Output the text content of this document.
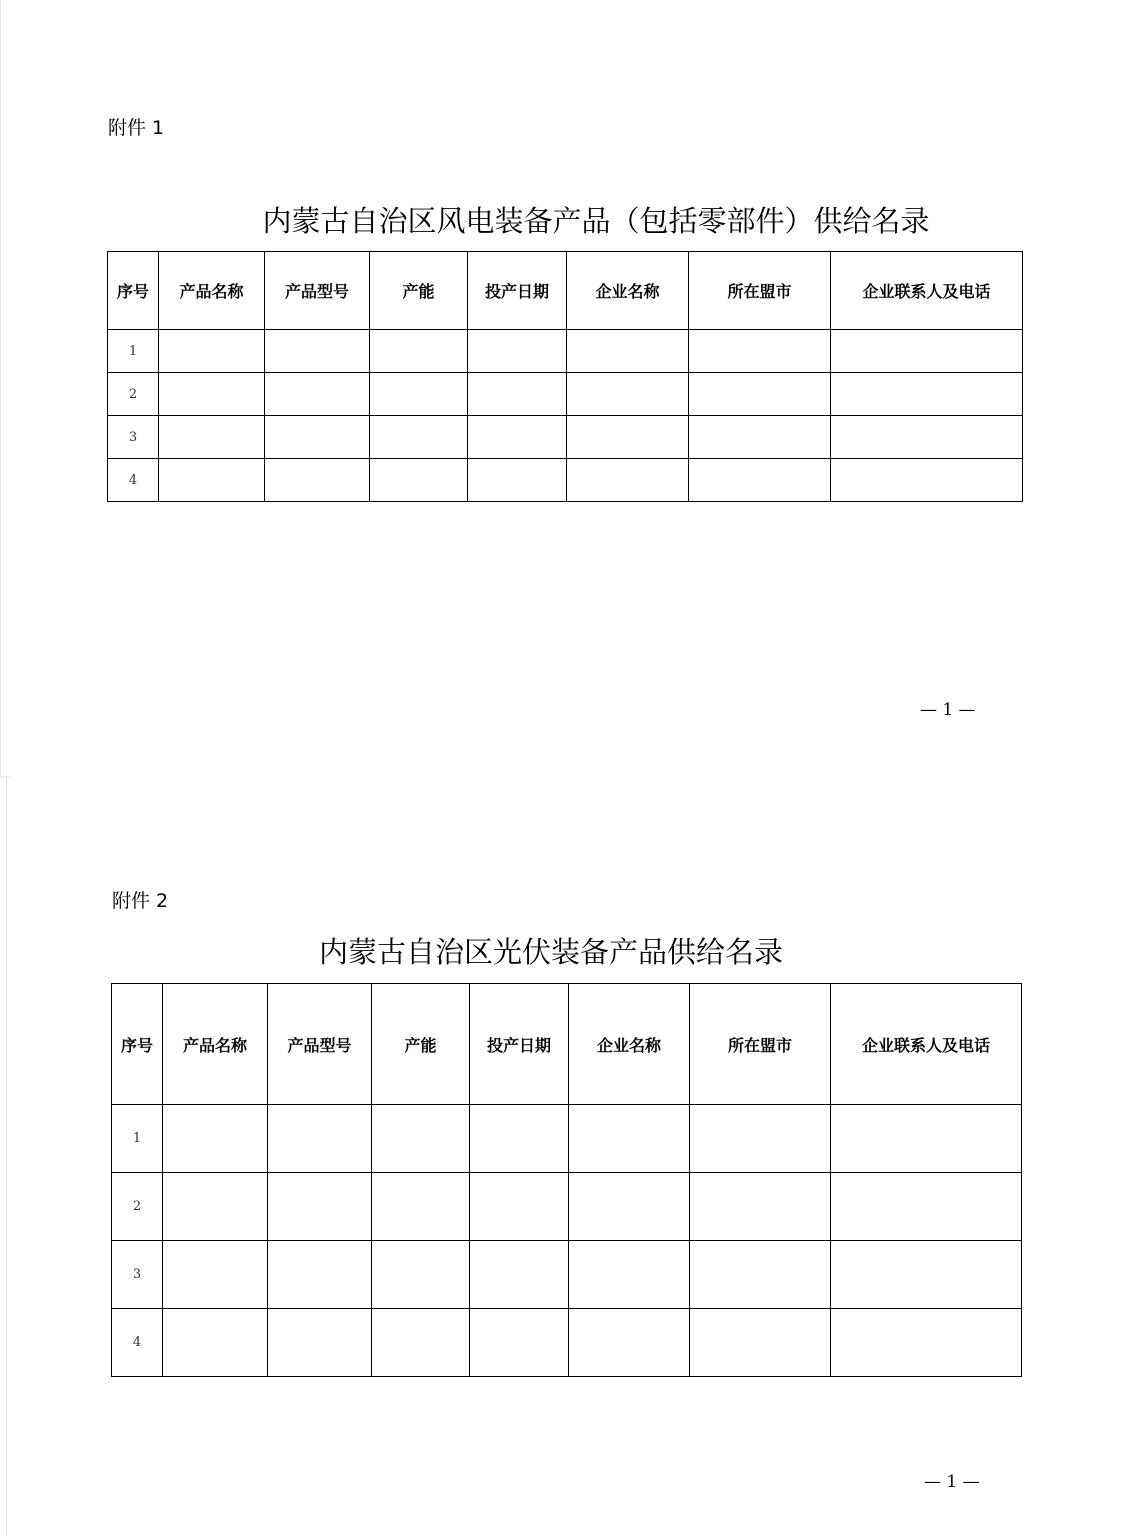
附件 1
内蒙古自治区风电装备产品（包括零部件）供给名录
序号	产品名称	产品型号	产能	投产日期	企业名称	所在盟市	企业联系人及电话
1							
2							
3							
4							
— 1 —
附件 2
内蒙古自治区光伏装备产品供给名录
序号	产品名称	产品型号	产能	投产日期	企业名称	所在盟市	企业联系人及电话
1							
2							
3							
4							
— 1 —
